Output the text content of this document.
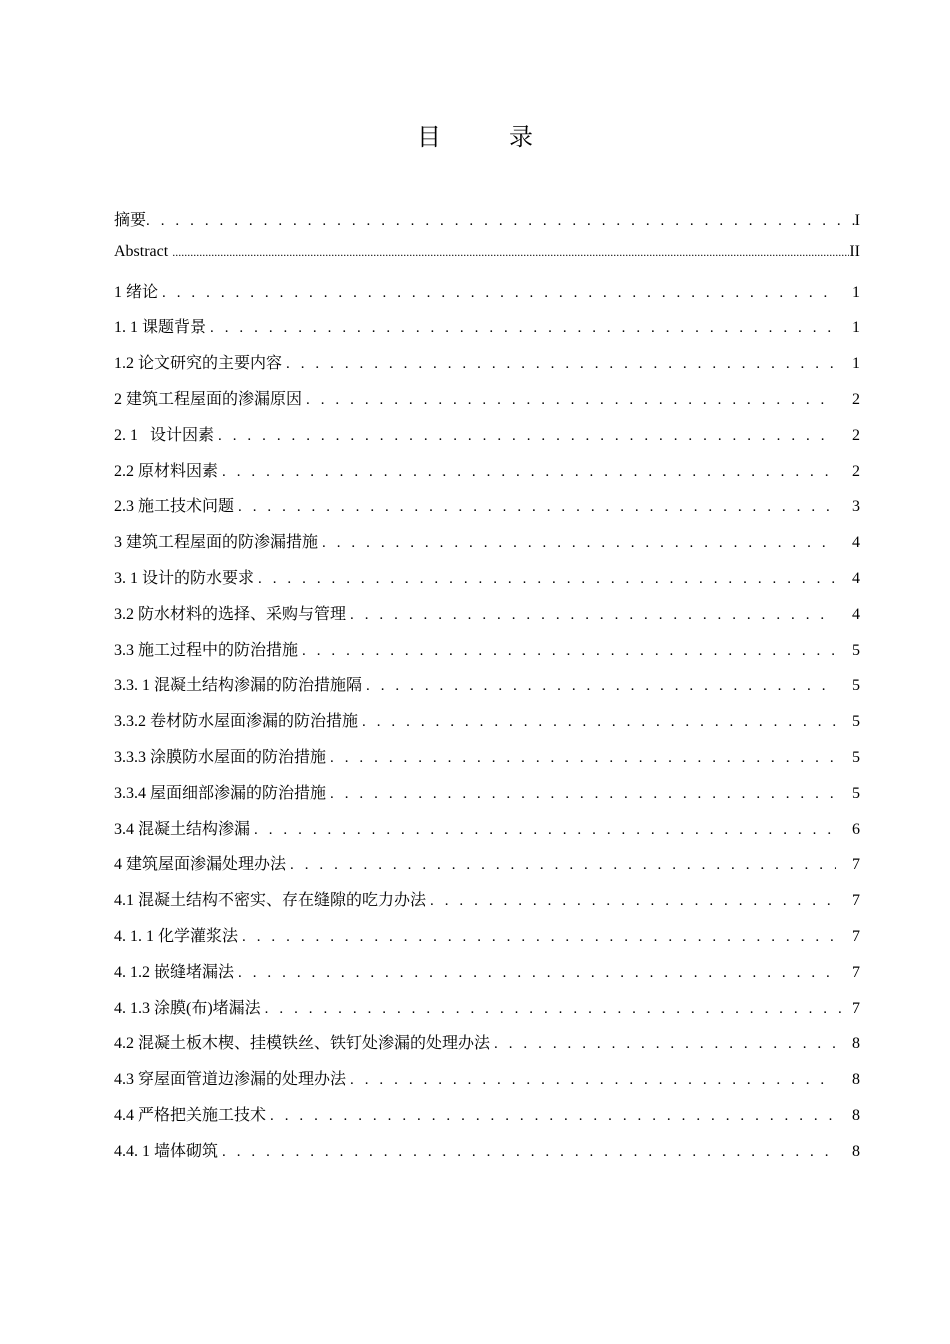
目　录
摘要 . . .	I
Abstract .....	II
1 绪论 . . .	1
1. 1 课题背景 . . .	1
1.2 论文研究的主要内容 . . .	1
2 建筑工程屋面的渗漏原因 . . .	2
2. 1   设计因素 . . .	2
2.2 原材料因素 . . .	2
2.3 施工技术问题 . . .	3
3 建筑工程屋面的防渗漏措施 . . .	4
3. 1 设计的防水要求 . . .	4
3.2 防水材料的选择、采购与管理 . . .	4
3.3 施工过程中的防治措施 . . .	5
3.3. 1 混凝土结构渗漏的防治措施隔 . . .	5
3.3.2 卷材防水屋面渗漏的防治措施 . . .	5
3.3.3 涂膜防水屋面的防治措施 . . .	5
3.3.4 屋面细部渗漏的防治措施 . . .	5
3.4 混凝土结构渗漏 . . .	6
4 建筑屋面渗漏处理办法 . . .	7
4.1 混凝土结构不密实、存在缝隙的吃力办法 . . .	7
4. 1. 1 化学灌浆法 . . .	7
4. 1.2 嵌缝堵漏法 . . .	7
4. 1.3 涂膜(布)堵漏法 . . .	7
4.2 混凝土板木楔、挂模铁丝、铁钉处渗漏的处理办法 . . .	8
4.3 穿屋面管道边渗漏的处理办法 . . .	8
4.4 严格把关施工技术 . . .	8
4.4. 1 墙体砌筑 . . .	8
